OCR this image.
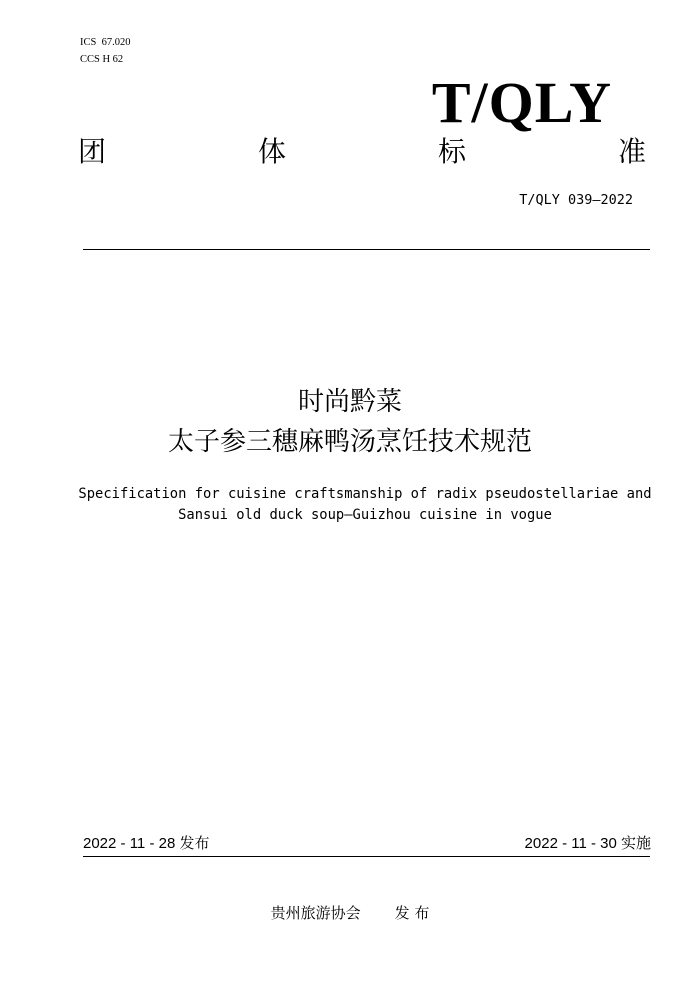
ICS  67.020
CCS H 62
T/QLY
团	体	标	准
T/QLY 039—2022
时尚黔菜
太子参三穗麻鸭汤烹饪技术规范
Specification for cuisine craftsmanship of radix pseudostellariae and
Sansui old duck soup—Guizhou cuisine in vogue
2022 - 11 - 28 发布	2022 - 11 - 30 实施
贵州旅游协会 发 布
